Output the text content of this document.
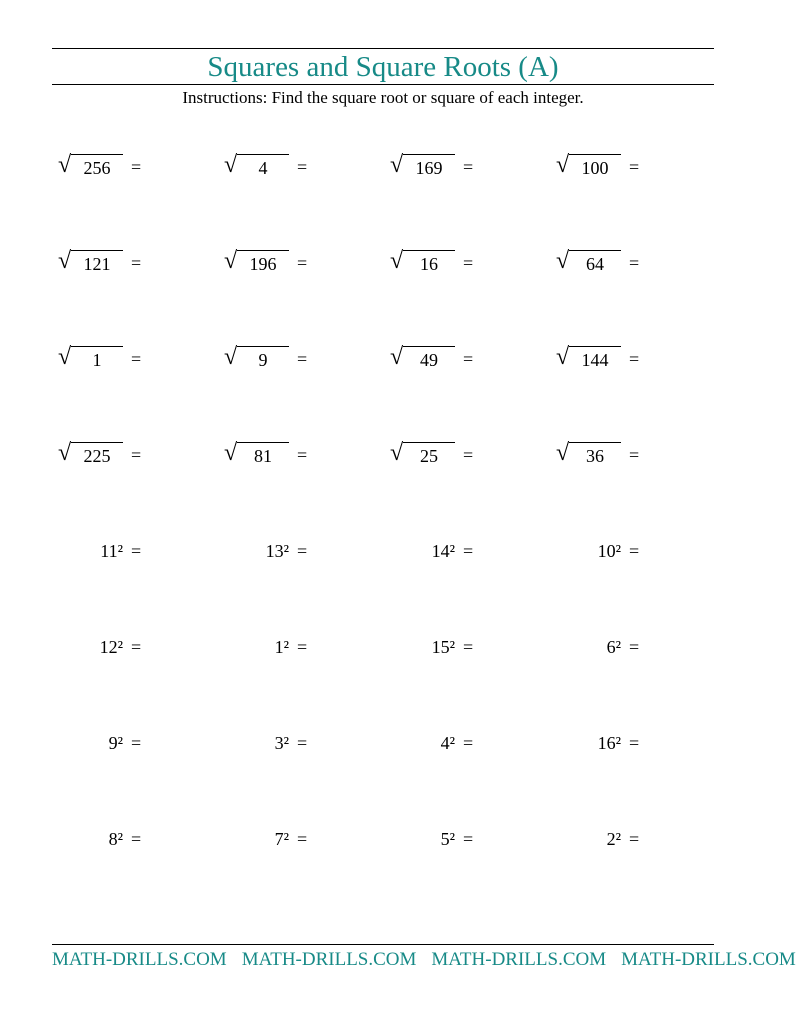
Squares and Square Roots (A)
Instructions: Find the square root or square of each integer.
√ 256	=	√	4	=	√ 169	=	√ 100	=
√ 121	=	√ 196	=	√ 16	=	√ 64	=
√	1	=	√	9	=	√ 49	=	√ 144	=
√ 225	=	√ 81	=	√ 25	=	√ 36	=
11² =	13² =	14² =	10² =
12² =	1² =	15² =	6² =
9² =	3² =	4² =	16² =
8² =	7² =	5² =	2² =
MATH-DRILLS.COM MATH-DRILLS.COM MATH-DRILLS.COM MATH-DRILLS.COM
